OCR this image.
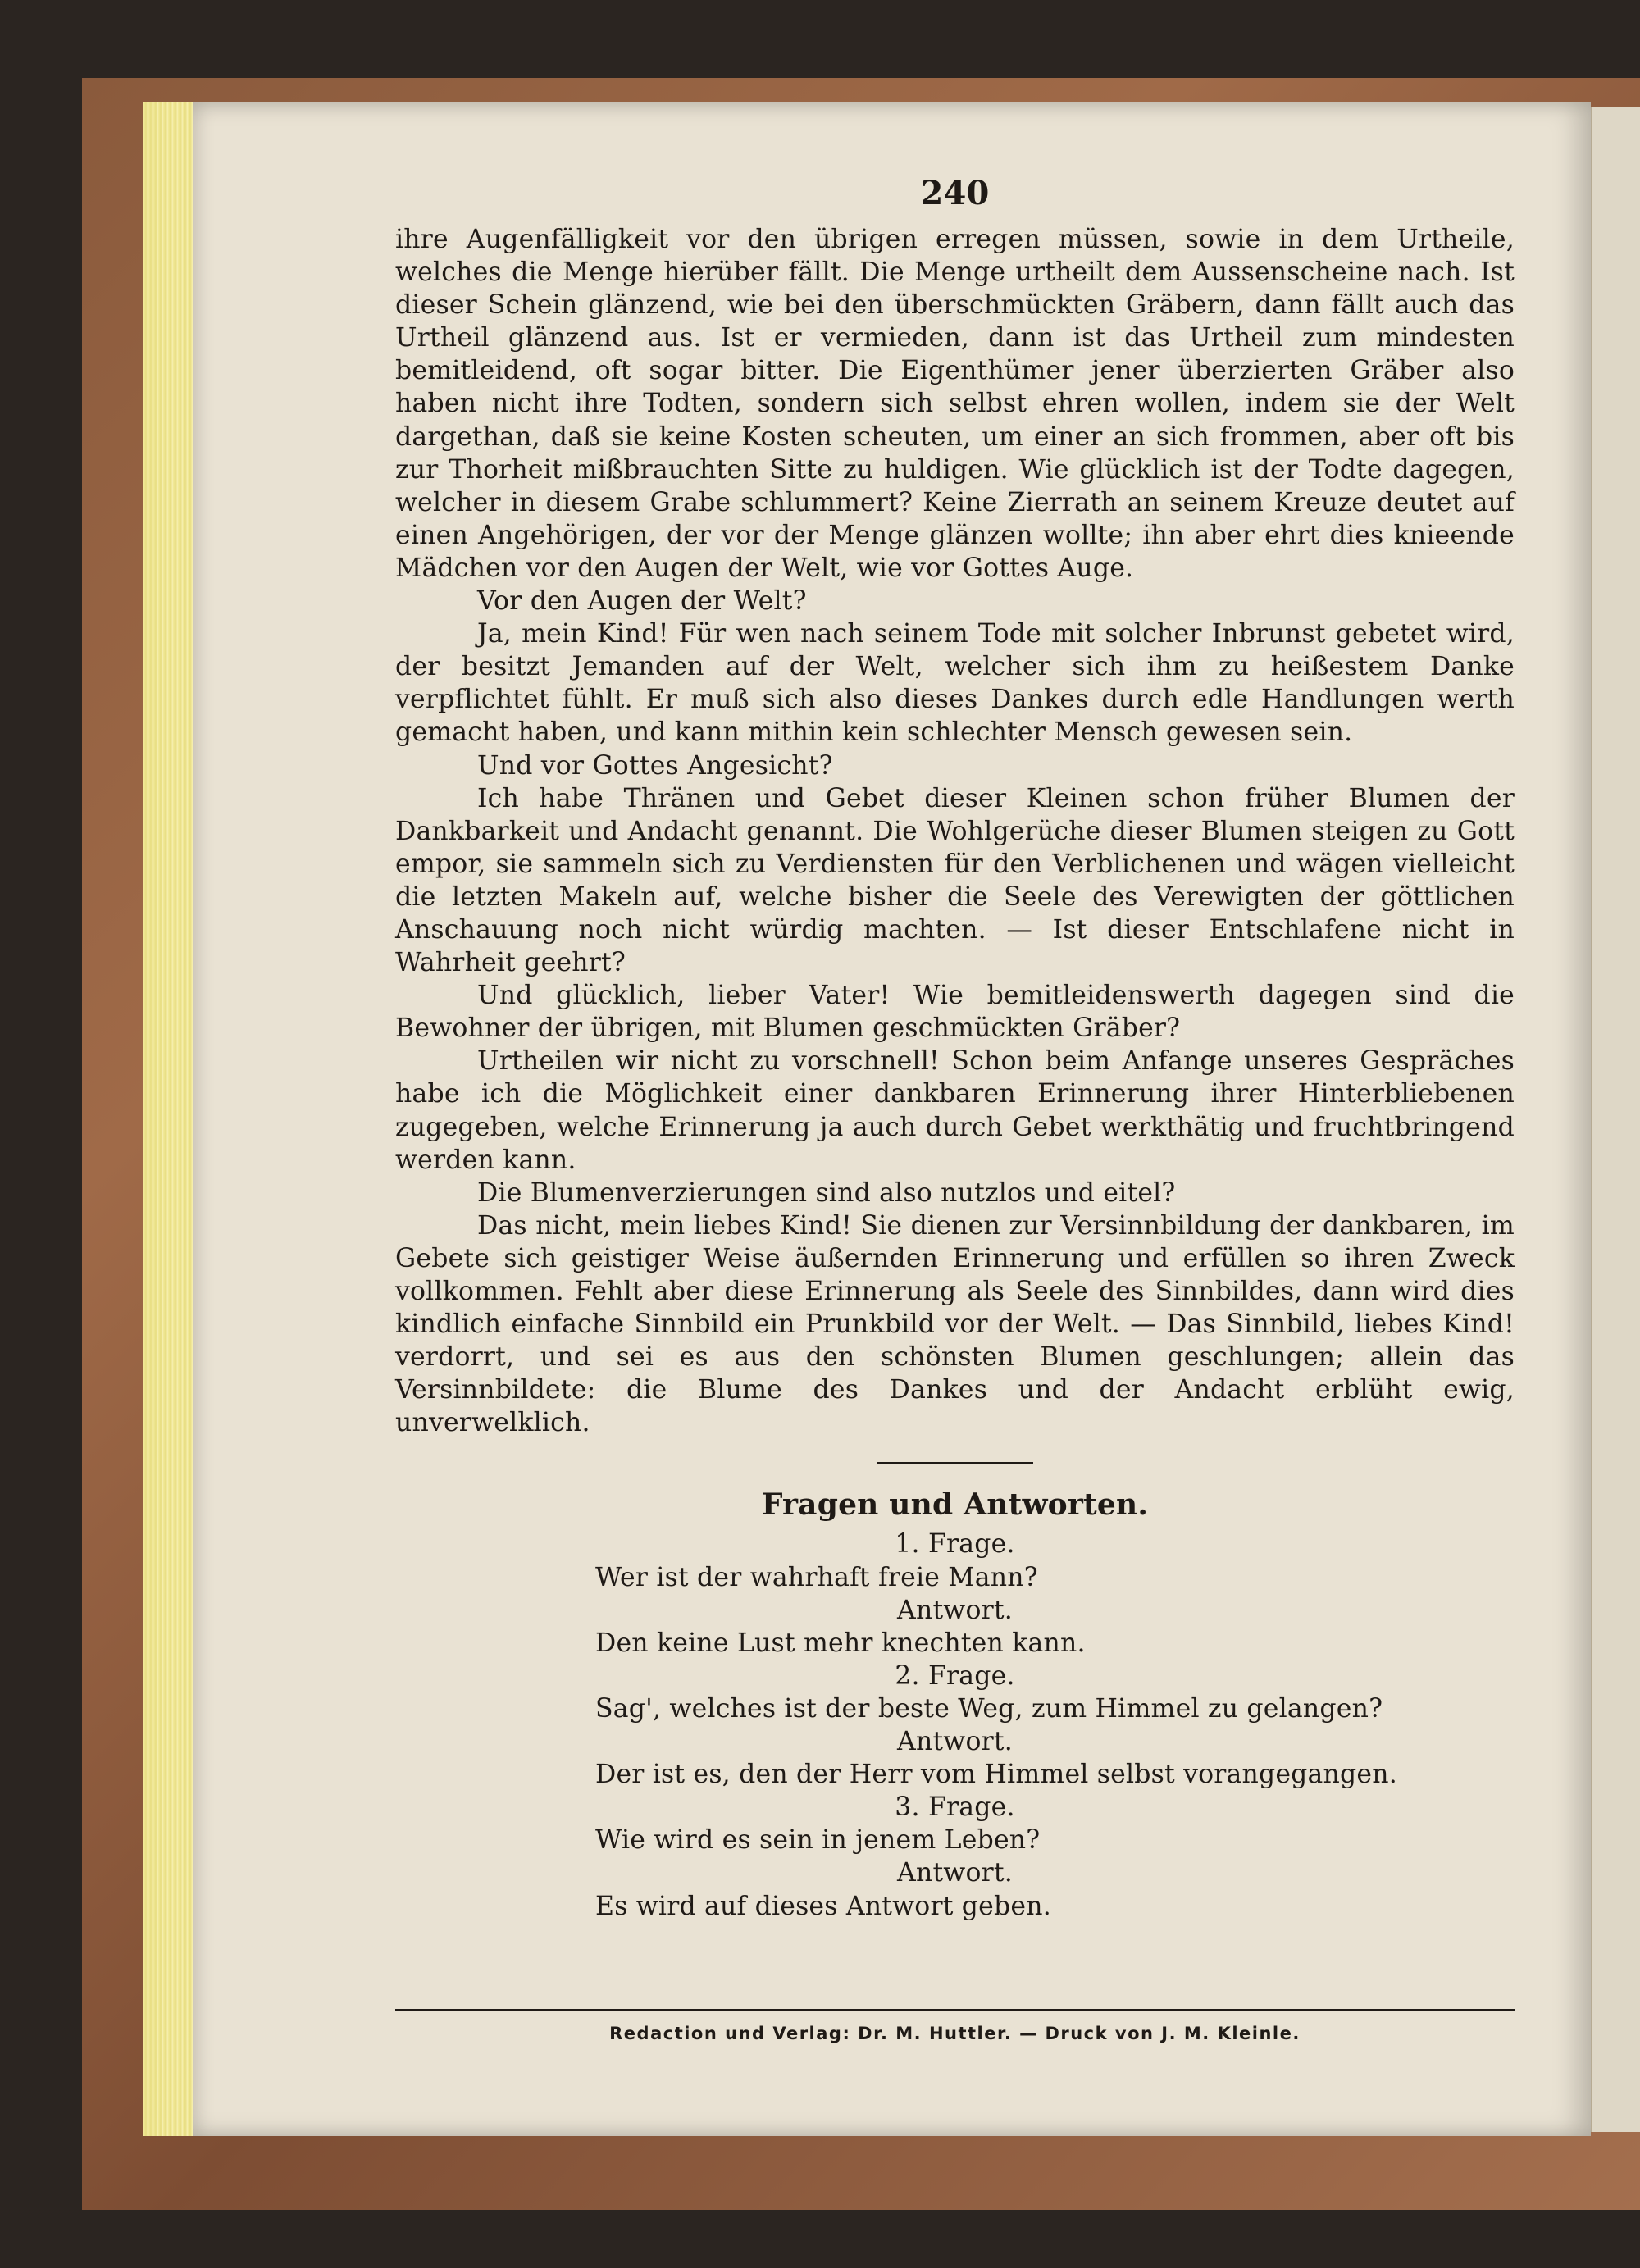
240

ihre Augenfälligkeit vor den übrigen erregen müssen, sowie in dem Urtheile, welches die Menge hierüber fällt. Die Menge urtheilt dem Aussenscheine nach. Ist dieser Schein glänzend, wie bei den überschmückten Gräbern, dann fällt auch das Urtheil glänzend aus. Ist er vermieden, dann ist das Urtheil zum mindesten bemitleidend, oft sogar bitter. Die Eigenthümer jener überzierten Gräber also haben nicht ihre Todten, sondern sich selbst ehren wollen, indem sie der Welt dargethan, daß sie keine Kosten scheuten, um einer an sich frommen, aber oft bis zur Thorheit mißbrauchten Sitte zu huldigen. Wie glücklich ist der Todte dagegen, welcher in diesem Grabe schlummert? Keine Zierrath an seinem Kreuze deutet auf einen Angehörigen, der vor der Menge glänzen wollte; ihn aber ehrt dies knieende Mädchen vor den Augen der Welt, wie vor Gottes Auge.

Vor den Augen der Welt?

Ja, mein Kind! Für wen nach seinem Tode mit solcher Inbrunst gebetet wird, der besitzt Jemanden auf der Welt, welcher sich ihm zu heißestem Danke verpflichtet fühlt. Er muß sich also dieses Dankes durch edle Handlungen werth gemacht haben, und kann mithin kein schlechter Mensch gewesen sein.

Und vor Gottes Angesicht?

Ich habe Thränen und Gebet dieser Kleinen schon früher Blumen der Dankbarkeit und Andacht genannt. Die Wohlgerüche dieser Blumen steigen zu Gott empor, sie sammeln sich zu Verdiensten für den Verblichenen und wägen vielleicht die letzten Makeln auf, welche bisher die Seele des Verewigten der göttlichen Anschauung noch nicht würdig machten. — Ist dieser Entschlafene nicht in Wahrheit geehrt?

Und glücklich, lieber Vater! Wie bemitleidenswerth dagegen sind die Bewohner der übrigen, mit Blumen geschmückten Gräber?

Urtheilen wir nicht zu vorschnell! Schon beim Anfange unseres Gespräches habe ich die Möglichkeit einer dankbaren Erinnerung ihrer Hinterbliebenen zugegeben, welche Erinnerung ja auch durch Gebet werkthätig und fruchtbringend werden kann.

Die Blumenverzierungen sind also nutzlos und eitel?

Das nicht, mein liebes Kind! Sie dienen zur Versinnbildung der dankbaren, im Gebete sich geistiger Weise äußernden Erinnerung und erfüllen so ihren Zweck vollkommen. Fehlt aber diese Erinnerung als Seele des Sinnbildes, dann wird dies kindlich einfache Sinnbild ein Prunkbild vor der Welt. — Das Sinnbild, liebes Kind! verdorrt, und sei es aus den schönsten Blumen geschlungen; allein das Versinnbildete: die Blume des Dankes und der Andacht erblüht ewig, unverwelklich.

Fragen und Antworten.
1. Frage.
Wer ist der wahrhaft freie Mann?
Antwort.
Den keine Lust mehr knechten kann.
2. Frage.
Sag', welches ist der beste Weg, zum Himmel zu gelangen?
Antwort.
Der ist es, den der Herr vom Himmel selbst vorangegangen.
3. Frage.
Wie wird es sein in jenem Leben?
Antwort.
Es wird auf dieses Antwort geben.
Redaction und Verlag: Dr. M. Huttler. — Druck von J. M. Kleinle.
